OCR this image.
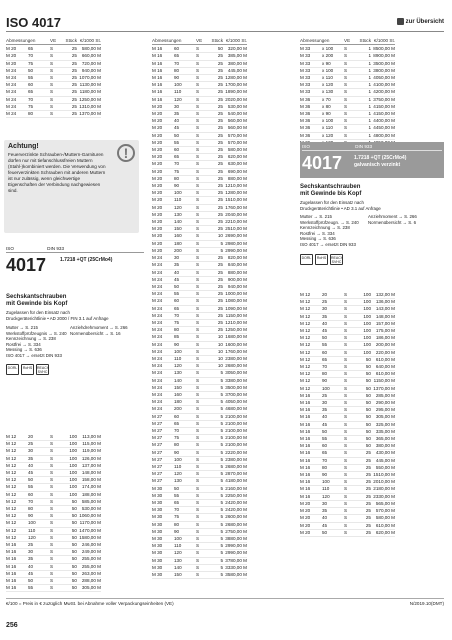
ISO 4017	zur Übersicht
Abmessungen	VE	Stück €/1000 St.
M 20	65	S	25	580,00 M
M 20	70	S	25	660,00 M
M 20	75	S	25	720,00 M
M 24	50	S	25	940,00 M
M 24	55	S	25 1070,00 M
M 24	60	S	25 1130,00 M
M 24	65	S	25 1180,00 M
M 24	70	S	25 1250,00 M
M 24	75	S	25 1310,00 M
M 24	80	S	25 1370,00 M
Achtung!	!
Feuerverzinkte Schrauben-/Muttern-Garnituren dürfen nur mit tiefanschlussfreien Muttern (Stahl-)kombiniert werden. Die Verwendung von feuerverzinkten Schrauben mit anderen Muttern ist nur zulässig, wenn gleichwertige Eigenschaften der Verbindung nachgewiesen sind.
ISO	DIN 933
4017	1.7218 +QT (25CrMo4)
Sechskantschrauben
mit Gewinde bis Kopf
Zugelassen für den Einsatz nach
Druckgeräterichtlinie • AD 2000 / FIN 3.1 auf Anfrage
Mutter → S. 215
Werkstoffprüfzeugnis → S. 240
Kennzeichnung → S. 238
Rostfrei → S. 334
Messing → S. 636
ISO 4017 → ersetzt DIN 933
Anziehdrehmoment → S. 266
Normenübersicht → S. 16
DORL	RoHS	REACh SVHC
M 12	20	S	100	113,00 M
M 12	25	S	100	115,00 M
M 12	30	S	100	119,00 M
M 12	35	S	100	126,00 M
M 12	40	S	100	137,00 M
M 12	45	S	100	148,00 M
M 12	50	S	100	158,00 M
M 12	55	S	100	174,00 M
M 12	60	S	100	188,00 M
M 12	70	S	50	585,00 M
M 12	80	S	50	530,00 M
M 12	90	S	50 1060,00 M
M 12	100	S	50 1170,00 M
M 12	110	S	50 1470,00 M
M 12	120	S	50 1580,00 M
M 16	25	S	50	246,00 M
M 16	30	S	50	249,00 M
M 16	35	S	50	255,00 M
M 16	40	S	50	255,00 M
M 16	45	S	50	263,00 M
M 16	50	S	50	288,00 M
M 16	55	S	50	305,00 M
Abmessungen	VE	Stück €/1000 St.
M 16	60	S	50	320,00 M
M 16	65	S	25	385,00 M
M 16	70	S	25	380,00 M
M 16	80	S	25	445,00 M
M 16	90	S	25 1280,00 M
M 16	100	S	25 1700,00 M
M 16	110	S	25 1890,00 M
M 16	120	S	25 2020,00 M
M 20	30	S	25	530,00 M
M 20	35	S	25	540,00 M
M 20	40	S	25	560,00 M
M 20	45	S	25	560,00 M
M 20	50	S	25	570,00 M
M 20	55	S	25	570,00 M
M 20	60	S	25	580,00 M
M 20	65	S	25	620,00 M
M 20	70	S	25	630,00 M
M 20	75	S	25	690,00 M
M 20	80	S	25	880,00 M
M 20	90	S	25 1210,00 M
M 20	100	S	25 1280,00 M
M 20	110	S	25 1510,00 M
M 20	120	S	25 1760,00 M
M 20	130	S	25 2040,00 M
M 20	140	S	25 2210,00 M
M 20	150	S	25 2510,00 M
M 20	160	S	10 2690,00 M
M 20	180	S	5 2980,00 M
M 20	200	S	5 2990,00 M
M 24	30	S	25	820,00 M
M 24	35	S	25	840,00 M
M 24	40	S	25	880,00 M
M 24	45	S	25	900,00 M
M 24	50	S	25	940,00 M
M 24	55	S	25 1000,00 M
M 24	60	S	25 1080,00 M
M 24	65	S	25 1090,00 M
M 24	70	S	25 1150,00 M
M 24	75	S	25 1210,00 M
M 24	80	S	25 1250,00 M
M 24	85	S	10 1680,00 M
M 24	90	S	10 1600,00 M
M 24	100	S	10 1760,00 M
M 24	110	S	10 2380,00 M
M 24	120	S	10 2680,00 M
M 24	130	S	5 3050,00 M
M 24	140	S	5 3380,00 M
M 24	150	S	5 3500,00 M
M 24	160	S	5 3700,00 M
M 24	180	S	5 4050,00 M
M 24	200	S	5 4680,00 M
M 27	60	S	5 2100,00 M
M 27	65	S	5 2100,00 M
M 27	70	S	5 2100,00 M
M 27	75	S	5 2100,00 M
M 27	80	S	5 2100,00 M
M 27	90	S	5 2220,00 M
M 27	100	S	5 2380,00 M
M 27	110	S	5 2680,00 M
M 27	120	S	5 2870,00 M
M 27	130	S	5 4180,00 M
M 30	50	S	5 2160,00 M
M 30	55	S	5 2250,00 M
M 30	65	S	5 2420,00 M
M 30	70	S	5 2420,00 M
M 30	75	S	5 2600,00 M
M 30	80	S	5 2680,00 M
M 30	90	S	5 2750,00 M
M 30	100	S	5 3880,00 M
M 30	110	S	5 2990,00 M
M 30	120	S	5 2990,00 M
M 30	130	S	5 3780,00 M
M 30	140	S	5 3330,00 M
M 30	150	S	5 3580,00 M
Abmessungen	VE	Stück €/1000 St.
M 33	x 100	S	1 8500,00 M
M 33	x 200	S	1 8900,00 M
M 33	x 90	S	1 3500,00 M
M 33	x 100	S	1 3800,00 M
M 33	x 110	S	1 4050,00 M
M 33	x 120	S	1 4100,00 M
M 33	x 130	S	1 4200,00 M
M 36	x 70	S	1 3750,00 M
M 36	x 80	S	1 4150,00 M
M 36	x 90	S	1 4150,00 M
M 36	x 100	S	1 4400,00 M
M 36	x 110	S	1 4450,00 M
M 36	x 120	S	1 4800,00 M
ISO	DIN 933
4017	1.7218 +QT (25CrMo4)
galvanisch verzinkt
Sechskantschrauben
mit Gewinde bis Kopf
Zugelassen für den Einsatz nach
Druckgeräterichtlinie • AD 3.1 auf Anfrage
Mutter → S. 215
Werkstoffprüfzeugn. → S. 240
Kennzeichnung → S. 238
Rostfrei → S. 334
Messing → S. 636
ISO 4017 → ersetzt DIN 933
Anziehmoment → S. 266
Normenübersicht → S. 6
DORL	RoHS	REACh SVHC
M 12	20	S	100	132,00 M
M 12	25	S	100	136,00 M
M 12	30	S	100	143,00 M
M 12	35	S	100	148,00 M
M 12	40	S	100	157,00 M
M 12	45	S	100	175,00 M
M 12	50	S	100	186,00 M
M 12	55	S	100	200,00 M
M 12	60	S	100	220,00 M
M 12	65	S	50	610,00 M
M 12	70	S	50	640,00 M
M 12	80	S	50	610,00 M
M 12	90	S	50 1150,00 M
M 12	100	S	50 1370,00 M
M 16	25	S	50	285,00 M
M 16	30	S	50	290,00 M
M 16	35	S	50	295,00 M
M 16	40	S	50	305,00 M
M 16	45	S	50	325,00 M
M 16	50	S	50	335,00 M
M 16	55	S	50	365,00 M
M 16	60	S	50	380,00 M
M 16	65	S	25	430,00 M
M 16	70	S	25	445,00 M
M 16	80	S	25	550,00 M
M 16	90	S	25 1510,00 M
M 16	100	S	25 2010,00 M
M 16	110	S	25 2180,00 M
M 16	120	S	25 2330,00 M
M 20	30	S	25	565,00 M
M 20	35	S	25	570,00 M
M 20	40	S	25	580,00 M
M 20	45	S	25	610,00 M
M 20	50	S	25	620,00 M
€/100 = Preis in € zuzüglich MwSt. bei Abnahme voller Verpackungseinheiten (VE)	N/2019.10(DMT)
256
